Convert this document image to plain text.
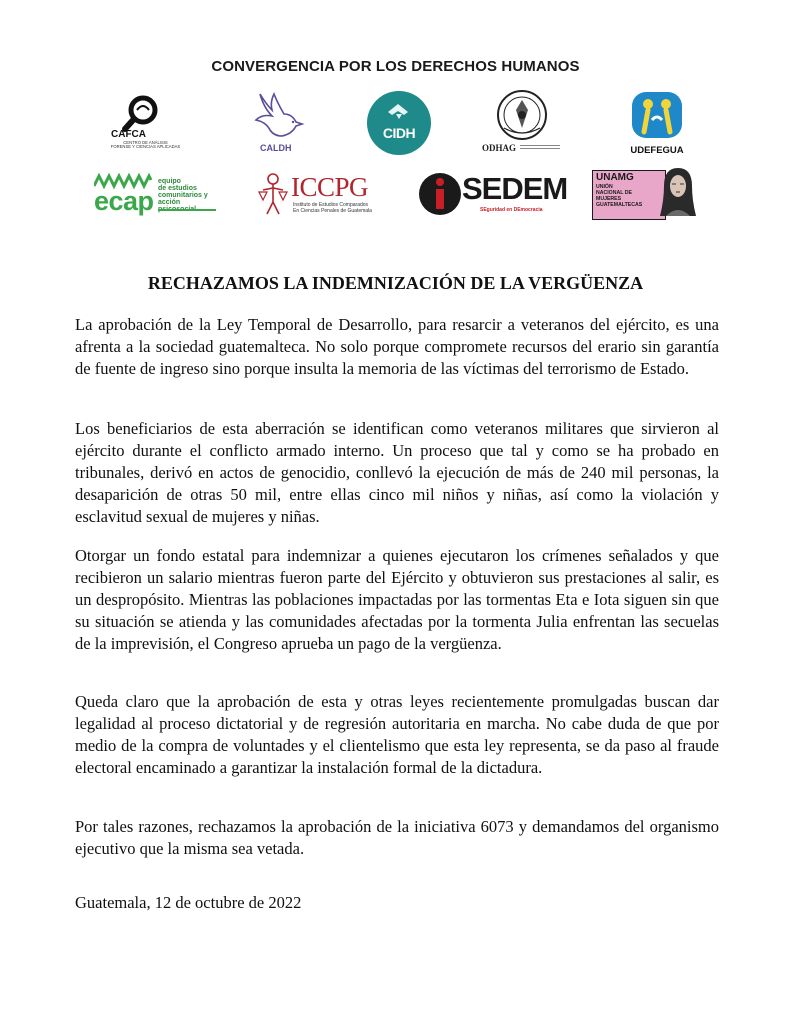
CONVERGENCIA POR LOS DERECHOS HUMANOS
CAFCA
CENTRO DE ANÁLISIS
FORENSE Y CIENCIAS APLICADAS	CALDH
CIDH
ODHAG	UDEFEGUA
ecap
equipo
de estudios
comunitarios y
acción
ICCPG
Instituto de Estudios Comparados
En Ciencias Penales de Guatemala
SEDEM
SEguridad en DEmocracia
UNAMG
UNIÓN
NACIONAL DE
MUJERES
GUATEMALTECAS
RECHAZAMOS LA INDEMNIZACIÓN DE LA VERGÜENZA

La aprobación de la Ley Temporal de Desarrollo, para resarcir a veteranos del ejército, es una afrenta a la sociedad guatemalteca. No solo porque compromete recursos del erario sin garantía de fuente de ingreso sino porque insulta la memoria de las víctimas del terrorismo de Estado.

Los beneficiarios de esta aberración se identifican como veteranos militares que sirvieron al ejército durante el conflicto armado interno. Un proceso que tal y como se ha probado en tribunales, derivó en actos de genocidio, conllevó la ejecución de más de 240 mil personas, la desaparición de otras 50 mil, entre ellas cinco mil niños y niñas, así como la violación y esclavitud sexual de mujeres y niñas.

Otorgar un fondo estatal para indemnizar a quienes ejecutaron los crímenes señalados y que recibieron un salario mientras fueron parte del Ejército y obtuvieron sus prestaciones al salir, es un despropósito. Mientras las poblaciones impactadas por las tormentas Eta e Iota siguen sin que su situación se atienda y las comunidades afectadas por la tormenta Julia enfrentan las secuelas de la imprevisión, el Congreso aprueba un pago de la vergüenza.

Queda claro que la aprobación de esta y otras leyes recientemente promulgadas buscan dar legalidad al proceso dictatorial y de regresión autoritaria en marcha. No cabe duda de que por medio de la compra de voluntades y el clientelismo que esta ley representa, se da paso al fraude electoral encaminado a garantizar la instalación formal de la dictadura.

Por tales razones, rechazamos la aprobación de la iniciativa 6073 y demandamos del organismo ejecutivo que la misma sea vetada.

Guatemala, 12 de octubre de 2022
